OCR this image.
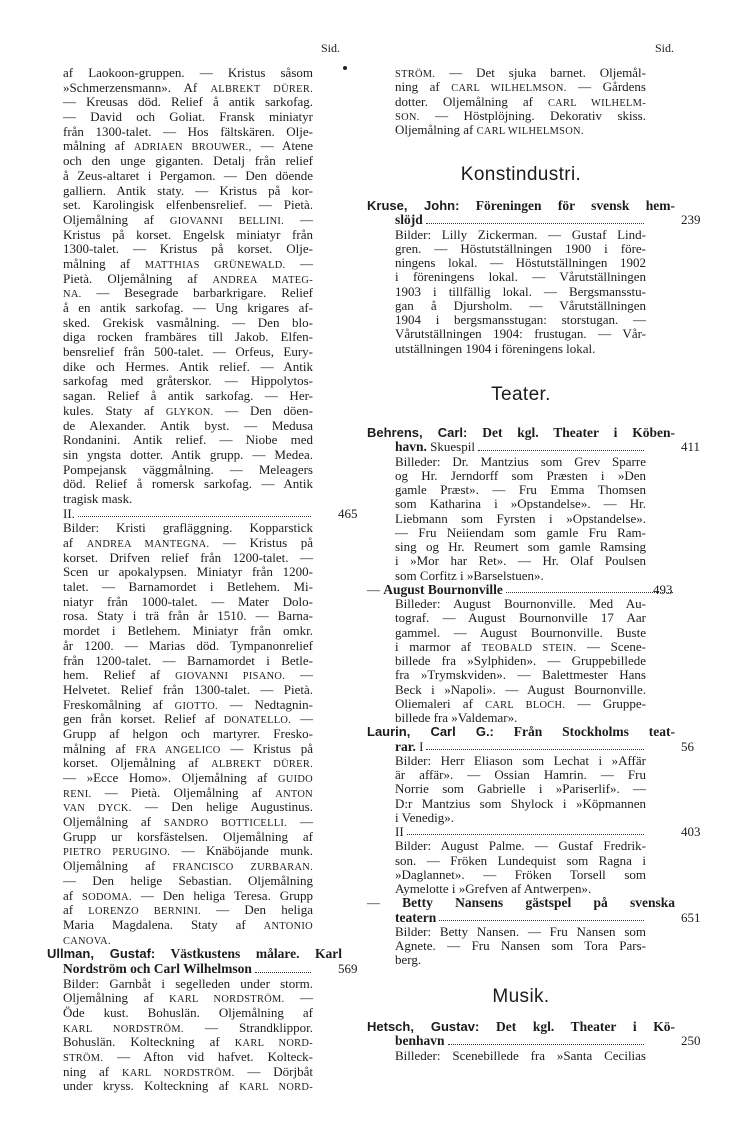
Sid.	Sid.
af Laokoon-gruppen. — Kristus såsom
»Schmerzensmann». Af ALBREKT DÜRER.
— Kreusas död. Relief å antik sarkofag.
— David och Goliat. Fransk miniatyr
från 1300-talet. — Hos fältskären. Olje-
målning af ADRIAEN BROUWER., — Atene
och den unge giganten. Detalj från relief
å Zeus-altaret i Pergamon. — Den döende
galliern. Antik staty. — Kristus på kor-
set. Karolingisk elfenbensrelief. — Pietà.
Oljemålning af GIOVANNI BELLINI. —
Kristus på korset. Engelsk miniatyr från
1300-talet. — Kristus på korset. Olje-
målning af MATTHIAS GRÜNEWALD. —
Pietà. Oljemålning af ANDREA MATEG-
NA. — Besegrade barbarkrigare. Relief
å en antik sarkofag. — Ung krigares af-
sked. Grekisk vasmålning. — Den blo-
diga rocken frambäres till Jakob. Elfen-
bensrelief från 500-talet. — Orfeus, Eury-
dike och Hermes. Antik relief. — Antik
sarkofag med gråterskor. — Hippolytos-
sagan. Relief å antik sarkofag. — Her-
kules. Staty af GLYKON. — Den döen-
de Alexander. Antik byst. — Medusa
Rondanini. Antik relief. — Niobe med
sin yngsta dotter. Antik grupp. — Medea.
Pompejansk väggmålning. — Meleagers
död. Relief å romersk sarkofag. — Antik
tragisk mask.
II.	465
Bilder: Kristi grafläggning. Kopparstick
af ANDREA MANTEGNA. — Kristus på
korset. Drifven relief från 1200-talet. —
Scen ur apokalypsen. Miniatyr från 1200-
talet. — Barnamordet i Betlehem. Mi-
niatyr från 1000-talet. — Mater Dolo-
rosa. Staty i trä från år 1510. — Barna-
mordet i Betlehem. Miniatyr från omkr.
år 1200. — Marias död. Tympanonrelief
från 1200-talet. — Barnamordet i Betle-
hem. Relief af GIOVANNI PISANO. —
Helvetet. Relief från 1300-talet. — Pietà.
Freskomålning af GIOTTO. — Nedtagnin-
gen från korset. Relief af DONATELLO. —
Grupp af helgon och martyrer. Fresko-
målning af FRA ANGELICO — Kristus på
korset. Oljemålning af ALBREKT DÜRER.
— »Ecce Homo». Oljemålning af GUIDO
RENI. — Pietà. Oljemålning af ANTON
VAN DYCK. — Den helige Augustinus.
Oljemålning af SANDRO BOTTICELLI. —
Grupp ur korsfästelsen. Oljemålning af
PIETRO PERUGINO. — Knäböjande munk.
Oljemålning af FRANCISCO ZURBARAN.
— Den helige Sebastian. Oljemålning
af SODOMA. — Den heliga Teresa. Grupp
af LORENZO BERNINI. — Den heliga
Maria Magdalena. Staty af ANTONIO
CANOVA.
Ullman, Gustaf: Västkustens målare. Karl
Nordström och Carl Wilhelmson	569
Bilder: Garnbåt i segelleden under storm.
Oljemålning af KARL NORDSTRÖM. —
Öde kust. Bohuslän. Oljemålning af
KARL NORDSTRÖM. — Strandklippor.
Bohuslän. Kolteckning af KARL NORD-
STRÖM. — Afton vid hafvet. Kolteck-
ning af KARL NORDSTRÖM. — Dörjbåt
under kryss. Kolteckning af KARL NORD-
STRÖM. — Det sjuka barnet. Oljemål-
ning af CARL WILHELMSON. — Gårdens
dotter. Oljemålning af CARL WILHELM-
SON. — Höstplöjning. Dekorativ skiss.
Oljemålning af CARL WILHELMSON.
Konstindustri.
Kruse, John: Föreningen för svensk hem-
slöjd	239
Bilder: Lilly Zickerman. — Gustaf Lind-
gren. — Höstutställningen 1900 i före-
ningens lokal. — Höstutställningen 1902
i föreningens lokal. — Vårutställningen
1903 i tillfällig lokal. — Bergsmansstu-
gan å Djursholm. — Vårutställningen
1904 i bergsmansstugan: storstugan. —
Vårutställningen 1904: frustugan. — Vår-
utställningen 1904 i föreningens lokal.
Teater.
Behrens, Carl: Det kgl. Theater i Köben-
havn. Skuespil	411
Billeder: Dr. Mantzius som Grev Sparre
og Hr. Jerndorff som Præsten i »Den
gamle Præst». — Fru Emma Thomsen
som Katharina i »Opstandelse». — Hr.
Liebmann som Fyrsten i »Opstandelse».
— Fru Neiiendam som gamle Fru Ram-
sing og Hr. Reumert som gamle Ramsing
i »Mor har Ret». — Hr. Olaf Poulsen
som Corfitz i »Barselstuen».
— August Bournonville	493
Billeder: August Bournonville. Med Au-
tograf. — August Bournonville 17 Aar
gammel. — August Bournonville. Buste
i marmor af TEOBALD STEIN. — Scene-
billede fra »Sylphiden». — Gruppebillede
fra »Trymskviden». — Balettmester Hans
Beck i »Napoli». — August Bournonville.
Oliemaleri af CARL BLOCH. — Gruppe-
billede fra »Valdemar».
Laurin, Carl G.: Från Stockholms teat-
rar. I	56
Bilder: Herr Eliason som Lechat i »Affär
är affär». — Ossian Hamrin. — Fru
Norrie som Gabrielle i »Pariserlif». —
D:r Mantzius som Shylock i »Köpmannen
i Venedig».
II	403
Bilder: August Palme. — Gustaf Fredrik-
son. — Fröken Lundequist som Ragna i
»Daglannet». — Fröken Torsell som
Aymelotte i »Grefven af Antwerpen».
— Betty Nansens gästspel på svenska
teatern	651
Bilder: Betty Nansen. — Fru Nansen som
Agnete. — Fru Nansen som Tora Pars-
berg.
Musik.
Hetsch, Gustav: Det kgl. Theater i Kö-
benhavn	250
Billeder: Scenebillede fra »Santa Cecilias
